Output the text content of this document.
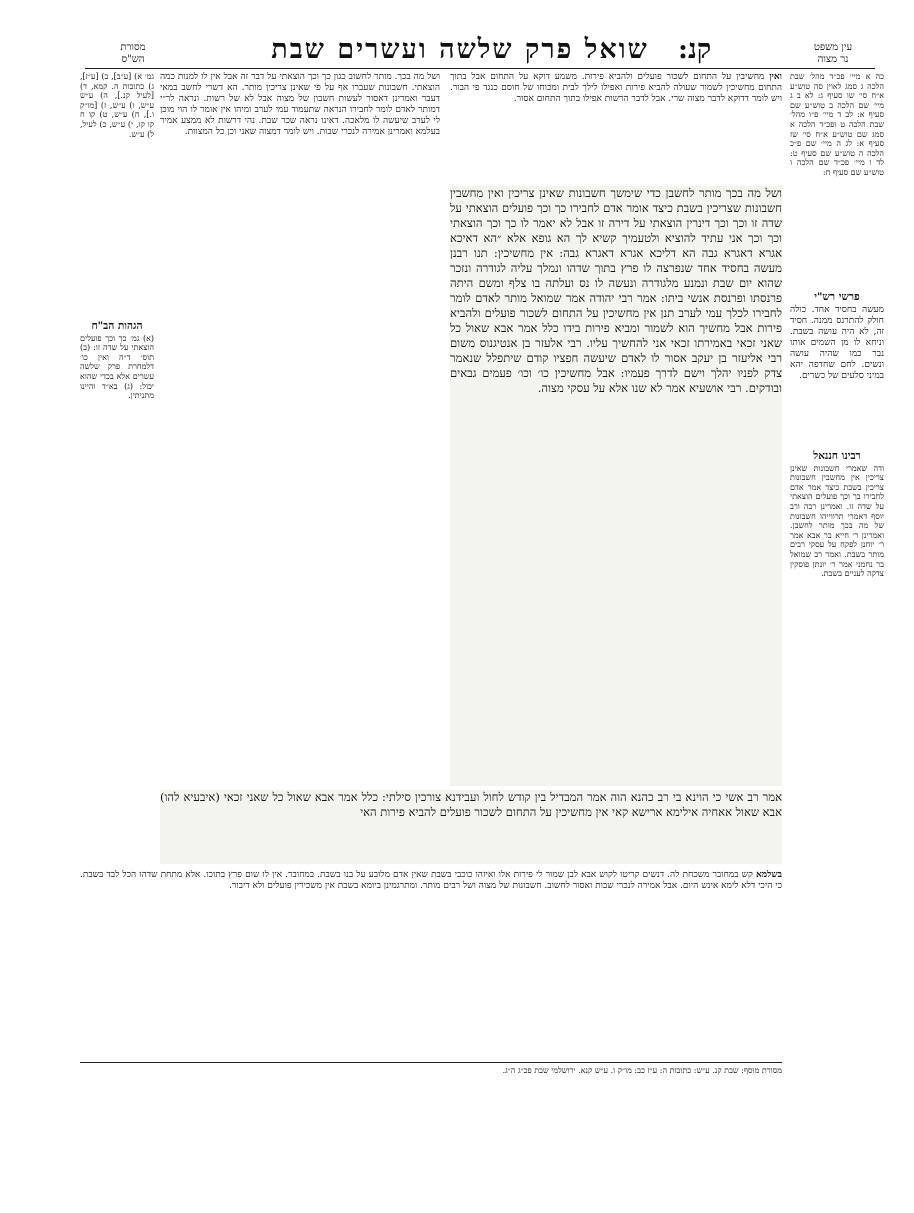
עין משפט
נר מצוה
קנ:
שואל פרק שלשה ועשרים שבת
מסורת
הש"ס

כה א מיי׳ פכ״ד מהל׳ שבת הלכה ג סמג לאוין סה טוש״ע א״ח סי׳ שו סעיף ג: לא ב ג מיי׳ שם הלכה ב טוש״ע שם סעיף א: לב ד מיי׳ פ״ו מהל׳ שבת הלכה ט ופכ״ד הלכה א סמג שם טוש״ע א״ח סי׳ שז סעיף א: לג ה מיי׳ שם פ״כ הלכה ה טוש״ע שם סעיף ט: לד ו מיי׳ פכ״ד שם הלכה ו טוש״ע שם סעיף ח:

פרשי רש"י

מעשה בחסיד אחד. כולה חולק להתרנס ממנה. חסיד זה, לא היה עושה בשבת. וניחא לו מן השמים אותו נבר כמו שהיה עושה ונשים. לחם שחדפה יהא במיני סלעים של כשרים.

רבינו חננאל

ודה שאמרי חשבונות שאינן צריכין אין מחשבין חשבונות צריכין בשבת כיצד אמר אדם לחבירו בך וכך פועלים הוצאתי על שדה זו. ואמרינן רבה ורב יוסף דאמרי תרווייהו חשבונות של מה בכך מותר לחשבן. ואמרינן ר׳ חייא בר אבא אמר ר׳ יוחנן לפקח על עסקי רבים מותר בשבת. ואמר רב שמואל בר נחמני אמר ר׳ יונתן פוסקין צדקה לעניים בשבת.

ואין מחשיבין על התחום לשכור פועלים ולהביא פירות. משמע דוקא על התחום אבל בתוך התחום מחשיכין לשמור שעולה להביא פירות ואפילו לילך לבית ומכוחו של חוסם כנגד פי הבור. ויש לומר דדוקא לדבר מצוה שרי. אבל לדבר הרשות אפילו בתוך התחום אסור.

ושל מה בכך. מותר לחשוב כגון כך וכך הוצאתי על דבר זה אבל אין לו למנות כמה הוצאתי. חשבונות שעברו אף על פי שאינן צריכין מותר. הא דשרי לחשב במאי דעבר ואמרינן דאסור לעשות חשבון של מצוה אבל לא של רשות. ונראה לר״י דמותר לאדם לומר לחבירו הנראה שתעמוד עמי לערב ומיהו אין אומר לו הוי מוכן לי לערב שיעשה לו מלאכה. דאינו נראה שכר שבת. נהי דרשות לא ממצע אמיר בעלמא ואמרינן אמירה לנכרי שבות. ויש לומר דמצוה שאני וכן כל המצוות.

גמ׳ א) [ע״ב], ב) [ע״ז], ג) כתובות ה. קמא, ד) [לעיל קנ.], ה) ע״ש ע״ש, ו) ע״ש, ז) [מו״ק ו.], ח) ע״ש, ט) קו ח קו קו, י) ע״ש, כ) לעיל, ל) ע״ש.

הגהות הב"ח

(א) גמ׳ כך וכך פועלים הוצאתי על שדה זו: (ב) תוס׳ ד״ה ואין כו׳ דלמחרת פרק שלשה עשרים אלא בכדי שהוא יכול: (ג) בא״ד והיינו מתניתין.

ושל מה בכך מותר לחשבן כדי שימשך חשבונות שאינן צריכין ואין מחשבין חשבונות שצריכין בשבת כיצד אומר אדם לחבירו כך וכך פועלים הוצאתי על שדה זו וכך וכך דינרין הוצאתי על דירה זו אבל לא יאמר לו כך וכך הוצאתי וכך וכך אני עתיד להוציא ולטעמיך קשיא לך הא גופא אלא ״הא דאיכא אגרא דאגרא גבה הא דליכא אגרא דאגרא גבה: אין מחשיכין: תנו רבנן מעשה בחסיד אחד שנפרצה לו פרץ בתוך שדהו ונמלך עליה לגודרה ונזכר שהוא יום שבת ונמנע מלגודרה ונעשה לו נס ועלתה בו צלף ומשם היתה פרנסתו ופרנסת אנשי ביתו: אמר רבי יהודה אמר שמואל מותר לאדם לומר לחבירו לכלך עמי לערב תנן אין מחשיכין על התחום לשכור פועלים ולהביא פירות אבל מחשיך הוא לשמור ומביא פירות בידו כלל אמר אבא שאול כל שאני זכאי באמירתו זכאי אני להחשיך עליו. רבי אלעזר בן אנטיגנוס משום רבי אליעזר בן יעקב אסור לו לאדם שיעשה חפציו קודם שיתפלל שנאמר צדק לפניו יהלך וישם לדרך פעמיו: אבל מחשיכין כו׳ וכו׳ פעמים גבאים ובודקים. רבי אושעיא אמר לא שנו אלא על עסקי מצוה.

אמר רב אשי כי הוינא בי רב כהנא הוה אמר המבדיל בין קודש לחול ועבידנא צורכין סילתי: כלל אמר אבא שאול כל שאני זכאי (איבעיא להו) אבא שאול אאחיה אילימא ארישא קאי אין מחשיכין על התחום לשכור פועלים להביא פירות האי

בשלמא קש במחובר משכחת לה. דנשים קריטו לקוש אבא לבן שמור לי פירות אלו ואיזהו כוכבי בשבת שאין אדם מלובע על בנו בשבת. במחובר. אין לו שום פרץ בתוכו. אלא מתחת שדהו הכל לבד בשבת. כי היכי דלא לימא אינש היום. אבל אמירה לנכרי שבות ואסור לחשוב. חשבונות של מצוה ושל רבים מותר. ומתרגמינן ביומא בשבת אין משכירין פועלים ולא דיבור.

מסורת מוסף: שבת קנ. ע״ש: כתובות ה: ע״ז כב: מו״ק ו. ע״ש קנא. ירושלמי שבת פכ״ג ה״ג.
